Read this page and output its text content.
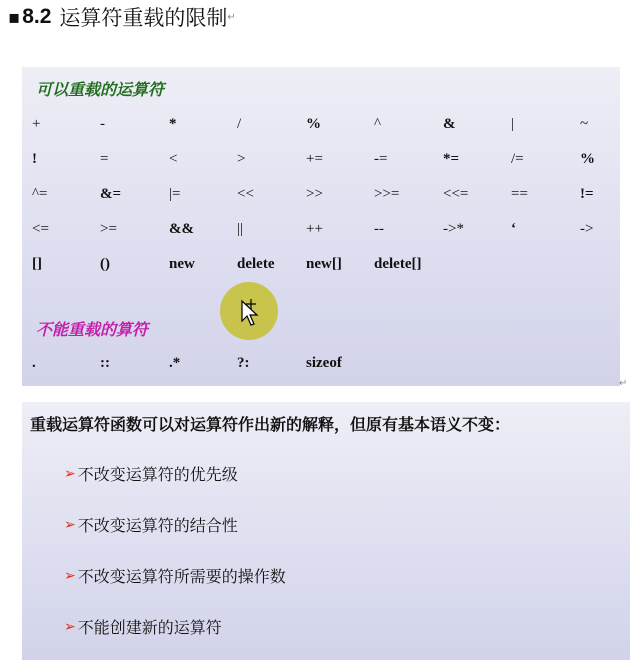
▪ 8.2 运算符重载的限制 ↵
可以重载的运算符
+	-	*	/	%	^	&	|	~
!	=	<	>	+=	-=	*=	/=	%
^=	&=	|=	<<	>>	>>=	<<=	==	!=
<=	>=	&&	||	++	--	->*	‘	->
[]	()	new	delete	new[]	delete[]
不能重载的算符
.	::	.*	?:	sizeof
↵
重载运算符函数可以对运算符作出新的解释，但原有基本语义不变：
➢ 不改变运算符的优先级
➢ 不改变运算符的结合性
➢ 不改变运算符所需要的操作数
➢ 不能创建新的运算符
